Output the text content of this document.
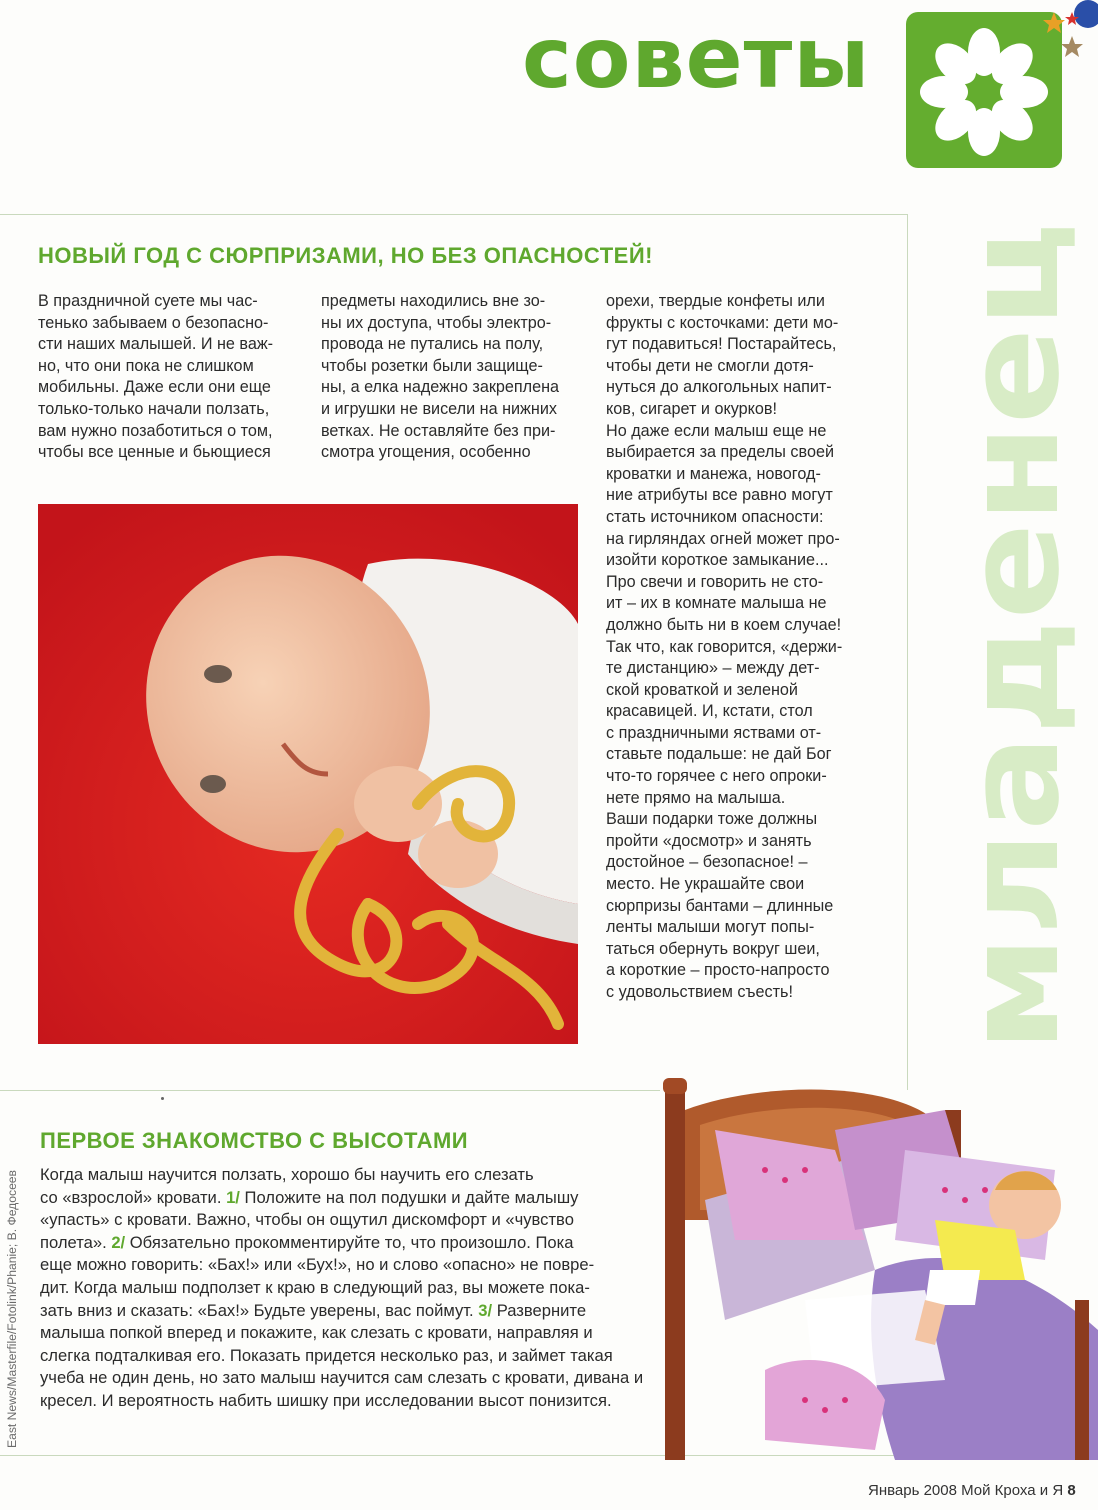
советы
младенец
НОВЫЙ ГОД С СЮРПРИЗАМИ, НО БЕЗ ОПАСНОСТЕЙ!
В праздничной суете мы час-
тенько забываем о безопасно-
сти наших малышей. И не важ-
но, что они пока не слишком
мобильны. Даже если они еще
только-только начали ползать,
вам нужно позаботиться о том,
чтобы все ценные и бьющиеся
предметы находились вне зо-
ны их доступа, чтобы электро-
провода не путались на полу,
чтобы розетки были защище-
ны, а елка надежно закреплена
и игрушки не висели на нижних
ветках. Не оставляйте без при-
смотра угощения, особенно
орехи, твердые конфеты или
фрукты с косточками: дети мо-
гут подавиться! Постарайтесь,
чтобы дети не смогли дотя-
нуться до алкогольных напит-
ков, сигарет и окурков!
Но даже если малыш еще не
выбирается за пределы своей
кроватки и манежа, новогод-
ние атрибуты все равно могут
стать источником опасности:
на гирляндах огней может про-
изойти короткое замыкание...
Про свечи и говорить не сто-
ит – их в комнате малыша не
должно быть ни в коем случае!
Так что, как говорится, «держи-
те дистанцию» – между дет-
ской кроваткой и зеленой
красавицей. И, кстати, стол
с праздничными яствами от-
ставьте подальше: не дай Бог
что-то горячее с него опроки-
нете прямо на малыша.
Ваши подарки тоже должны
пройти «досмотр» и занять
достойное – безопасное! –
место. Не украшайте свои
сюрпризы бантами – длинные
ленты малыши могут попы-
таться обернуть вокруг шеи,
а короткие – просто-напросто
с удовольствием съесть!
ПЕРВОЕ ЗНАКОМСТВО С ВЫСОТАМИ
Когда малыш научится ползать, хорошо бы научить его слезать
со «взрослой» кровати. 1/ Положите на пол подушки и дайте малышу
«упасть» с кровати. Важно, чтобы он ощутил дискомфорт и «чувство
полета». 2/ Обязательно прокомментируйте то, что произошло. Пока
еще можно говорить: «Бах!» или «Бух!», но и слово «опасно» не повре-
дит. Когда малыш подползет к краю в следующий раз, вы можете пока-
зать вниз и сказать: «Бах!» Будьте уверены, вас поймут. 3/ Разверните
малыша попкой вперед и покажите, как слезать с кровати, направляя и
слегка подталкивая его. Показать придется несколько раз, и займет такая
учеба не один день, но зато малыш научится сам слезать с кровати, дивана и
кресел. И вероятность набить шишку при исследовании высот понизится.
East News/Masterfile/Fotolink/Phanie; В. Федосеев
Январь 2008 Мой Кроха и Я 8
